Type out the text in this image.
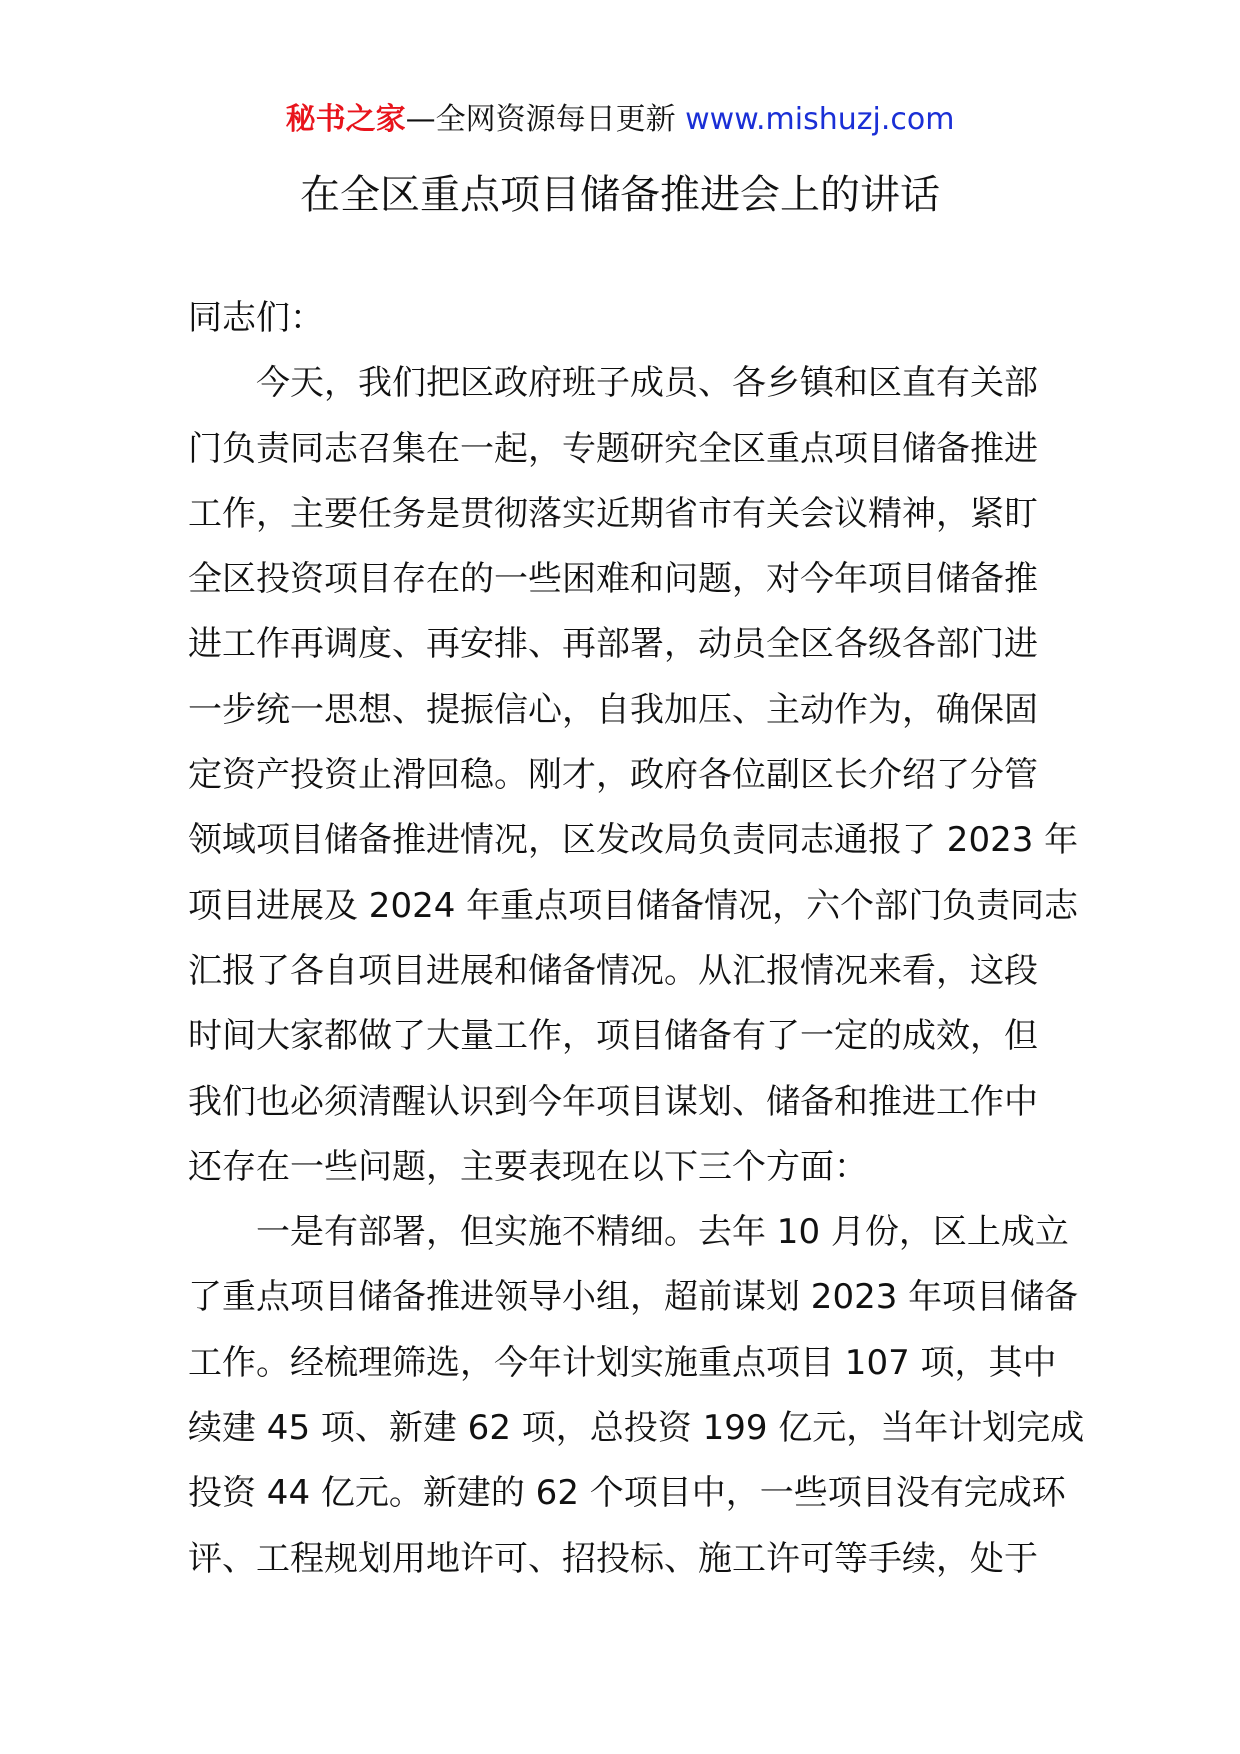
秘书之家—全网资源每日更新 www.mishuzj.com
在全区重点项目储备推进会上的讲话
同志们：
　　今天，我们把区政府班子成员、各乡镇和区直有关部
门负责同志召集在一起，专题研究全区重点项目储备推进
工作，主要任务是贯彻落实近期省市有关会议精神，紧盯
全区投资项目存在的一些困难和问题，对今年项目储备推
进工作再调度、再安排、再部署，动员全区各级各部门进
一步统一思想、提振信心，自我加压、主动作为，确保固
定资产投资止滑回稳。刚才，政府各位副区长介绍了分管
领域项目储备推进情况，区发改局负责同志通报了 2023 年
项目进展及 2024 年重点项目储备情况，六个部门负责同志
汇报了各自项目进展和储备情况。从汇报情况来看，这段
时间大家都做了大量工作，项目储备有了一定的成效，但
我们也必须清醒认识到今年项目谋划、储备和推进工作中
还存在一些问题，主要表现在以下三个方面：
　　一是有部署，但实施不精细。去年 10 月份，区上成立
了重点项目储备推进领导小组，超前谋划 2023 年项目储备
工作。经梳理筛选，今年计划实施重点项目 107 项，其中
续建 45 项、新建 62 项，总投资 199 亿元，当年计划完成
投资 44 亿元。新建的 62 个项目中，一些项目没有完成环
评、工程规划用地许可、招投标、施工许可等手续，处于
